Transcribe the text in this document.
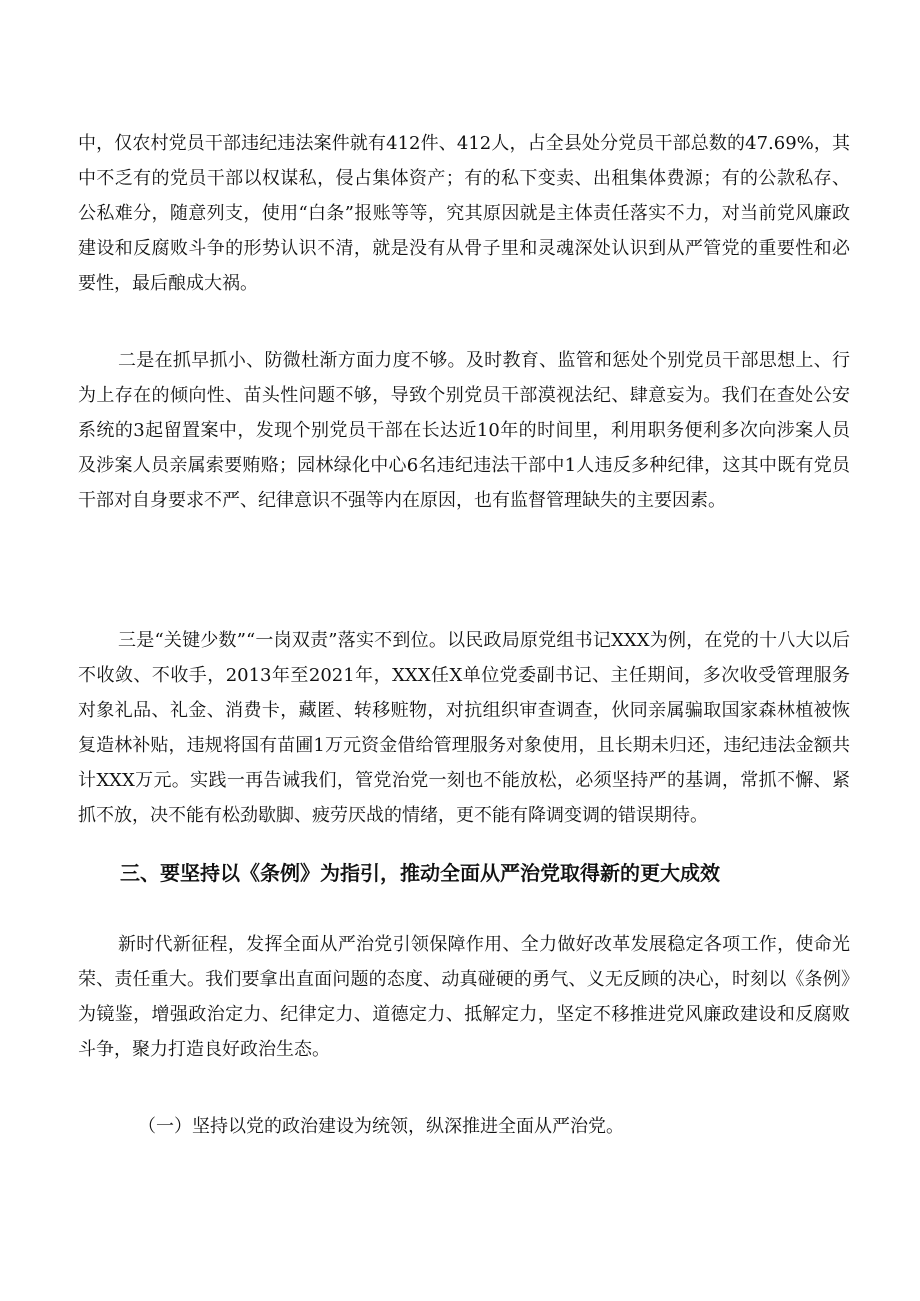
中，仅农村党员干部违纪违法案件就有412件、412人，占全县处分党员干部总数的47.69%，其中不乏有的党员干部以权谋私，侵占集体资产；有的私下变卖、出租集体费源；有的公款私存、公私难分，随意列支，使用“白条”报账等等，究其原因就是主体责任落实不力，对当前党风廉政建设和反腐败斗争的形势认识不清，就是没有从骨子里和灵魂深处认识到从严管党的重要性和必要性，最后酿成大祸。

二是在抓早抓小、防微杜渐方面力度不够。及时教育、监管和惩处个别党员干部思想上、行为上存在的倾向性、苗头性问题不够，导致个别党员干部漠视法纪、肆意妄为。我们在查处公安系统的3起留置案中，发现个别党员干部在长达近10年的时间里，利用职务便利多次向涉案人员及涉案人员亲属索要贿赂；园林绿化中心6名违纪违法干部中1人违反多种纪律，这其中既有党员干部对自身要求不严、纪律意识不强等内在原因，也有监督管理缺失的主要因素。

三是“关键少数”“一岗双责”落实不到位。以民政局原党组书记XXX为例，在党的十八大以后不收敛、不收手，2013年至2021年，XXX任X单位党委副书记、主任期间，多次收受管理服务对象礼品、礼金、消费卡，藏匿、转移赃物，对抗组织审查调查，伙同亲属骗取国家森林植被恢复造林补贴，违规将国有苗圃1万元资金借给管理服务对象使用，且长期未归还，违纪违法金额共计XXX万元。实践一再告诫我们，管党治党一刻也不能放松，必须坚持严的基调，常抓不懈、紧抓不放，决不能有松劲歇脚、疲劳厌战的情绪，更不能有降调变调的错误期待。

三、要坚持以《条例》为指引，推动全面从严治党取得新的更大成效

新时代新征程，发挥全面从严治党引领保障作用、全力做好改革发展稳定各项工作，使命光荣、责任重大。我们要拿出直面问题的态度、动真碰硬的勇气、义无反顾的决心，时刻以《条例》为镜鉴，增强政治定力、纪律定力、道德定力、抵解定力，坚定不移推进党风廉政建设和反腐败斗争，聚力打造良好政治生态。

（一）坚持以党的政治建设为统领，纵深推进全面从严治党。
